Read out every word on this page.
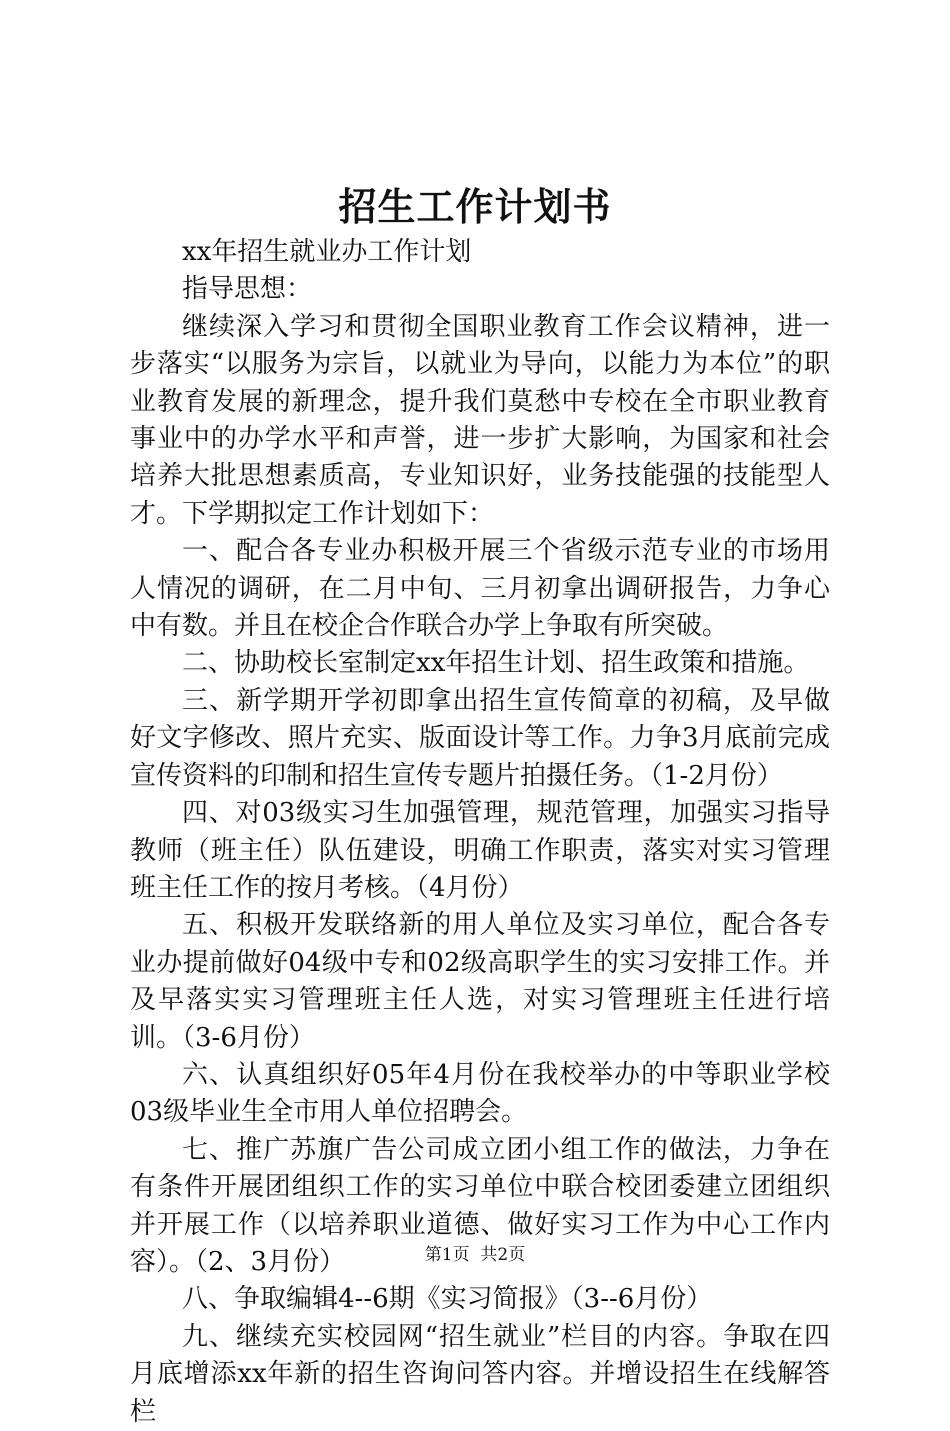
招生工作计划书

xx年招生就业办工作计划

指导思想：

继续深入学习和贯彻全国职业教育工作会议精神，进一步落实“以服务为宗旨，以就业为导向，以能力为本位”的职业教育发展的新理念，提升我们莫愁中专校在全市职业教育事业中的办学水平和声誉，进一步扩大影响，为国家和社会培养大批思想素质高，专业知识好，业务技能强的技能型人才。下学期拟定工作计划如下：

一、配合各专业办积极开展三个省级示范专业的市场用人情况的调研，在二月中旬、三月初拿出调研报告，力争心中有数。并且在校企合作联合办学上争取有所突破。

二、协助校长室制定xx年招生计划、招生政策和措施。

三、新学期开学初即拿出招生宣传简章的初稿，及早做好文字修改、照片充实、版面设计等工作。力争3月底前完成宣传资料的印制和招生宣传专题片拍摄任务。（1-2月份）

四、对03级实习生加强管理，规范管理，加强实习指导教师（班主任）队伍建设，明确工作职责，落实对实习管理班主任工作的按月考核。（4月份）

五、积极开发联络新的用人单位及实习单位，配合各专业办提前做好04级中专和02级高职学生的实习安排工作。并及早落实实习管理班主任人选，对实习管理班主任进行培训。（3-6月份）

六、认真组织好05年4月份在我校举办的中等职业学校03级毕业生全市用人单位招聘会。

七、推广苏旗广告公司成立团小组工作的做法，力争在有条件开展团组织工作的实习单位中联合校团委建立团组织并开展工作（以培养职业道德、做好实习工作为中心工作内容）。（2、3月份）

八、争取编辑4--6期《实习简报》（3--6月份）

九、继续充实校园网“招生就业”栏目的内容。争取在四月底增添xx年新的招生咨询问答内容。并增设招生在线解答栏

第1页 共2页
